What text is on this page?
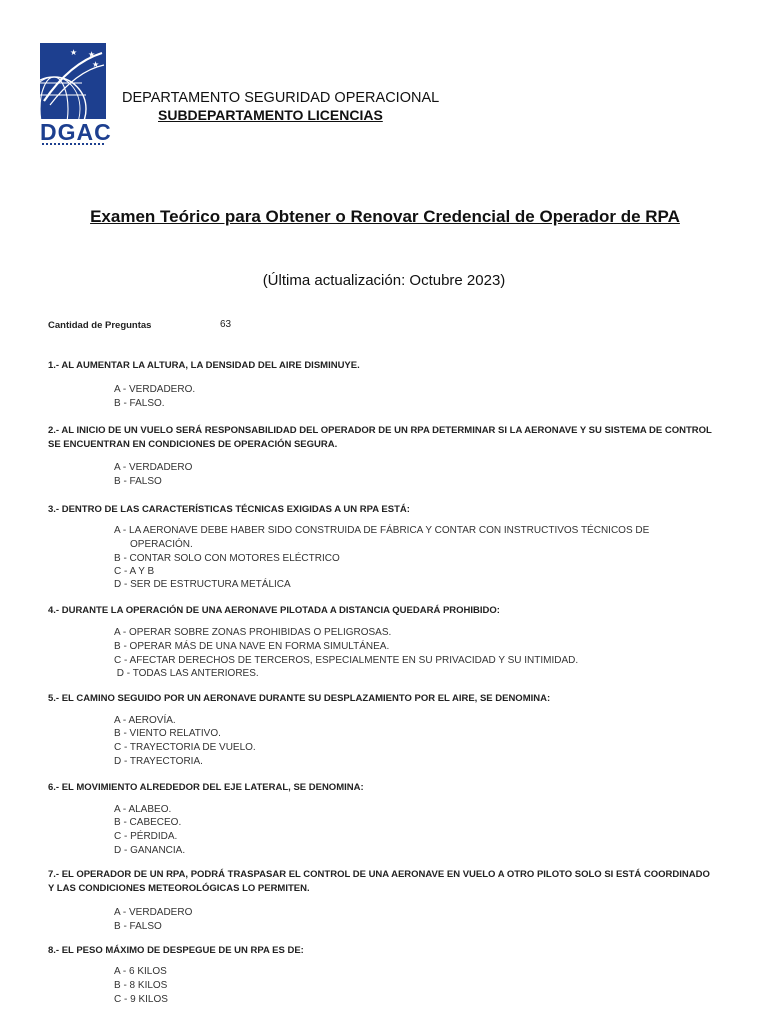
★ ★
★
DGAC
DEPARTAMENTO SEGURIDAD OPERACIONAL
SUBDEPARTAMENTO LICENCIAS
Examen Teórico para Obtener o Renovar Credencial de Operador de RPA
(Última actualización: Octubre 2023)
Cantidad de Preguntas	63
1.- AL AUMENTAR LA ALTURA, LA DENSIDAD DEL AIRE DISMINUYE.
A - VERDADERO.
B - FALSO.
2.- AL INICIO DE UN VUELO SERÁ RESPONSABILIDAD DEL OPERADOR DE UN RPA DETERMINAR SI LA AERONAVE Y SU SISTEMA DE CONTROL SE ENCUENTRAN EN CONDICIONES DE OPERACIÓN SEGURA.
A - VERDADERO
B - FALSO
3.- DENTRO DE LAS CARACTERÍSTICAS TÉCNICAS EXIGIDAS A UN RPA ESTÁ:
A - LA AERONAVE DEBE HABER SIDO CONSTRUIDA DE FÁBRICA Y CONTAR CON INSTRUCTIVOS TÉCNICOS DE OPERACIÓN.
B - CONTAR SOLO CON MOTORES ELÉCTRICO
C - A Y B
D - SER DE ESTRUCTURA METÁLICA
4.- DURANTE LA OPERACIÓN DE UNA AERONAVE PILOTADA A DISTANCIA QUEDARÁ PROHIBIDO:
A - OPERAR SOBRE ZONAS PROHIBIDAS O PELIGROSAS.
B - OPERAR MÁS DE UNA NAVE EN FORMA SIMULTÁNEA.
C - AFECTAR DERECHOS DE TERCEROS, ESPECIALMENTE EN SU PRIVACIDAD Y SU INTIMIDAD.
D - TODAS LAS ANTERIORES.
5.- EL CAMINO SEGUIDO POR UN AERONAVE DURANTE SU DESPLAZAMIENTO POR EL AIRE, SE DENOMINA:
A - AEROVÍA.
B - VIENTO RELATIVO.
C - TRAYECTORIA DE VUELO.
D - TRAYECTORIA.
6.- EL MOVIMIENTO ALREDEDOR DEL EJE LATERAL, SE DENOMINA:
A - ALABEO.
B - CABECEO.
C - PÉRDIDA.
D - GANANCIA.
7.- EL OPERADOR DE UN RPA, PODRÁ TRASPASAR EL CONTROL DE UNA AERONAVE EN VUELO A OTRO PILOTO SOLO SI ESTÁ COORDINADO Y LAS CONDICIONES METEOROLÓGICAS LO PERMITEN.
A - VERDADERO
B - FALSO
8.- EL PESO MÁXIMO DE DESPEGUE DE UN RPA ES DE:
A - 6 KILOS
B - 8 KILOS
C - 9 KILOS
